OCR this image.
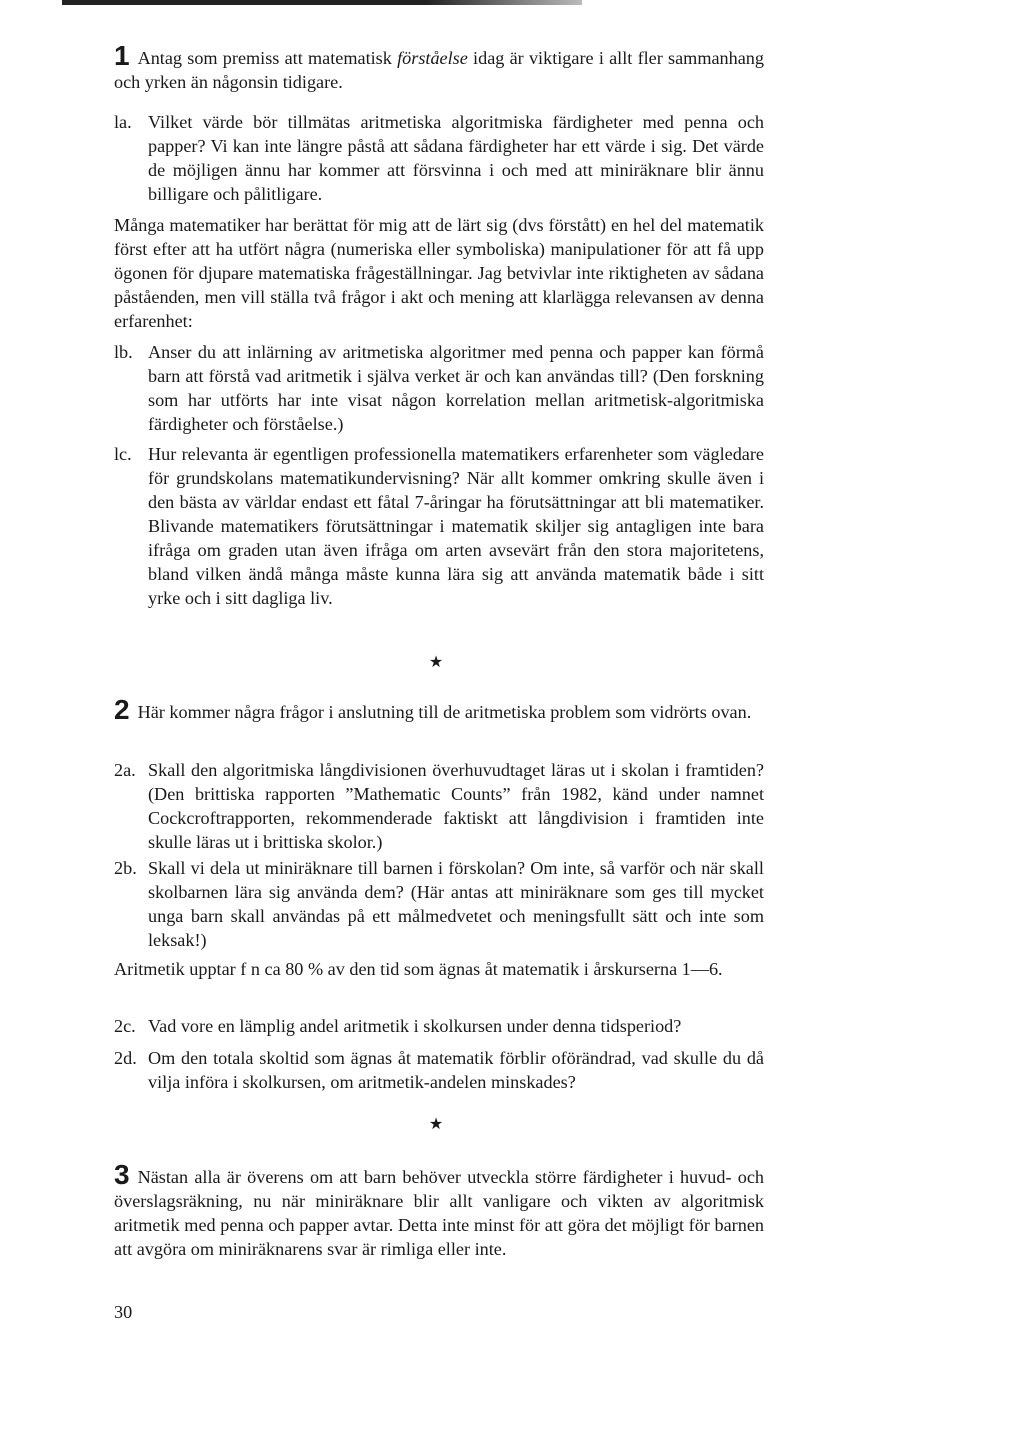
1 Antag som premiss att matematisk förståelse idag är viktigare i allt fler sammanhang och yrken än någonsin tidigare.
la. Vilket värde bör tillmätas aritmetiska algoritmiska färdigheter med penna och papper? Vi kan inte längre påstå att sådana färdigheter har ett värde i sig. Det värde de möjligen ännu har kommer att försvinna i och med att miniräknare blir ännu billigare och pålitligare.
Många matematiker har berättat för mig att de lärt sig (dvs förstått) en hel del matematik först efter att ha utfört några (numeriska eller symboliska) manipulationer för att få upp ögonen för djupare matematiska frågeställningar. Jag betvivlar inte riktigheten av sådana påståenden, men vill ställa två frågor i akt och mening att klarlägga relevansen av denna erfarenhet:
lb. Anser du att inlärning av aritmetiska algoritmer med penna och papper kan förmå barn att förstå vad aritmetik i själva verket är och kan användas till? (Den forskning som har utförts har inte visat någon korrelation mellan aritmetisk-algoritmiska färdigheter och förståelse.)
lc. Hur relevanta är egentligen professionella matematikers erfarenheter som vägledare för grundskolans matematikundervisning? När allt kommer omkring skulle även i den bästa av världar endast ett fåtal 7-åringar ha förutsättningar att bli matematiker. Blivande matematikers förutsättningar i matematik skiljer sig antagligen inte bara ifråga om graden utan även ifråga om arten avsevärt från den stora majoritetens, bland vilken ändå många måste kunna lära sig att använda matematik både i sitt yrke och i sitt dagliga liv.
★
2 Här kommer några frågor i anslutning till de aritmetiska problem som vidrörts ovan.
2a. Skall den algoritmiska långdivisionen överhuvudtaget läras ut i skolan i framtiden? (Den brittiska rapporten ”Mathematic Counts” från 1982, känd under namnet Cockcroftrapporten, rekommenderade faktiskt att långdivision i framtiden inte skulle läras ut i brittiska skolor.)
2b. Skall vi dela ut miniräknare till barnen i förskolan? Om inte, så varför och när skall skolbarnen lära sig använda dem? (Här antas att miniräknare som ges till mycket unga barn skall användas på ett målmedvetet och meningsfullt sätt och inte som leksak!)
Aritmetik upptar f n ca 80 % av den tid som ägnas åt matematik i årskurserna 1—6.
2c. Vad vore en lämplig andel aritmetik i skolkursen under denna tidsperiod?
2d. Om den totala skoltid som ägnas åt matematik förblir oförändrad, vad skulle du då vilja införa i skolkursen, om aritmetik-andelen minskades?
★
3 Nästan alla är överens om att barn behöver utveckla större färdigheter i huvud- och överslagsräkning, nu när miniräknare blir allt vanligare och vikten av algoritmisk aritmetik med penna och papper avtar. Detta inte minst för att göra det möjligt för barnen att avgöra om miniräknarens svar är rimliga eller inte.
30
